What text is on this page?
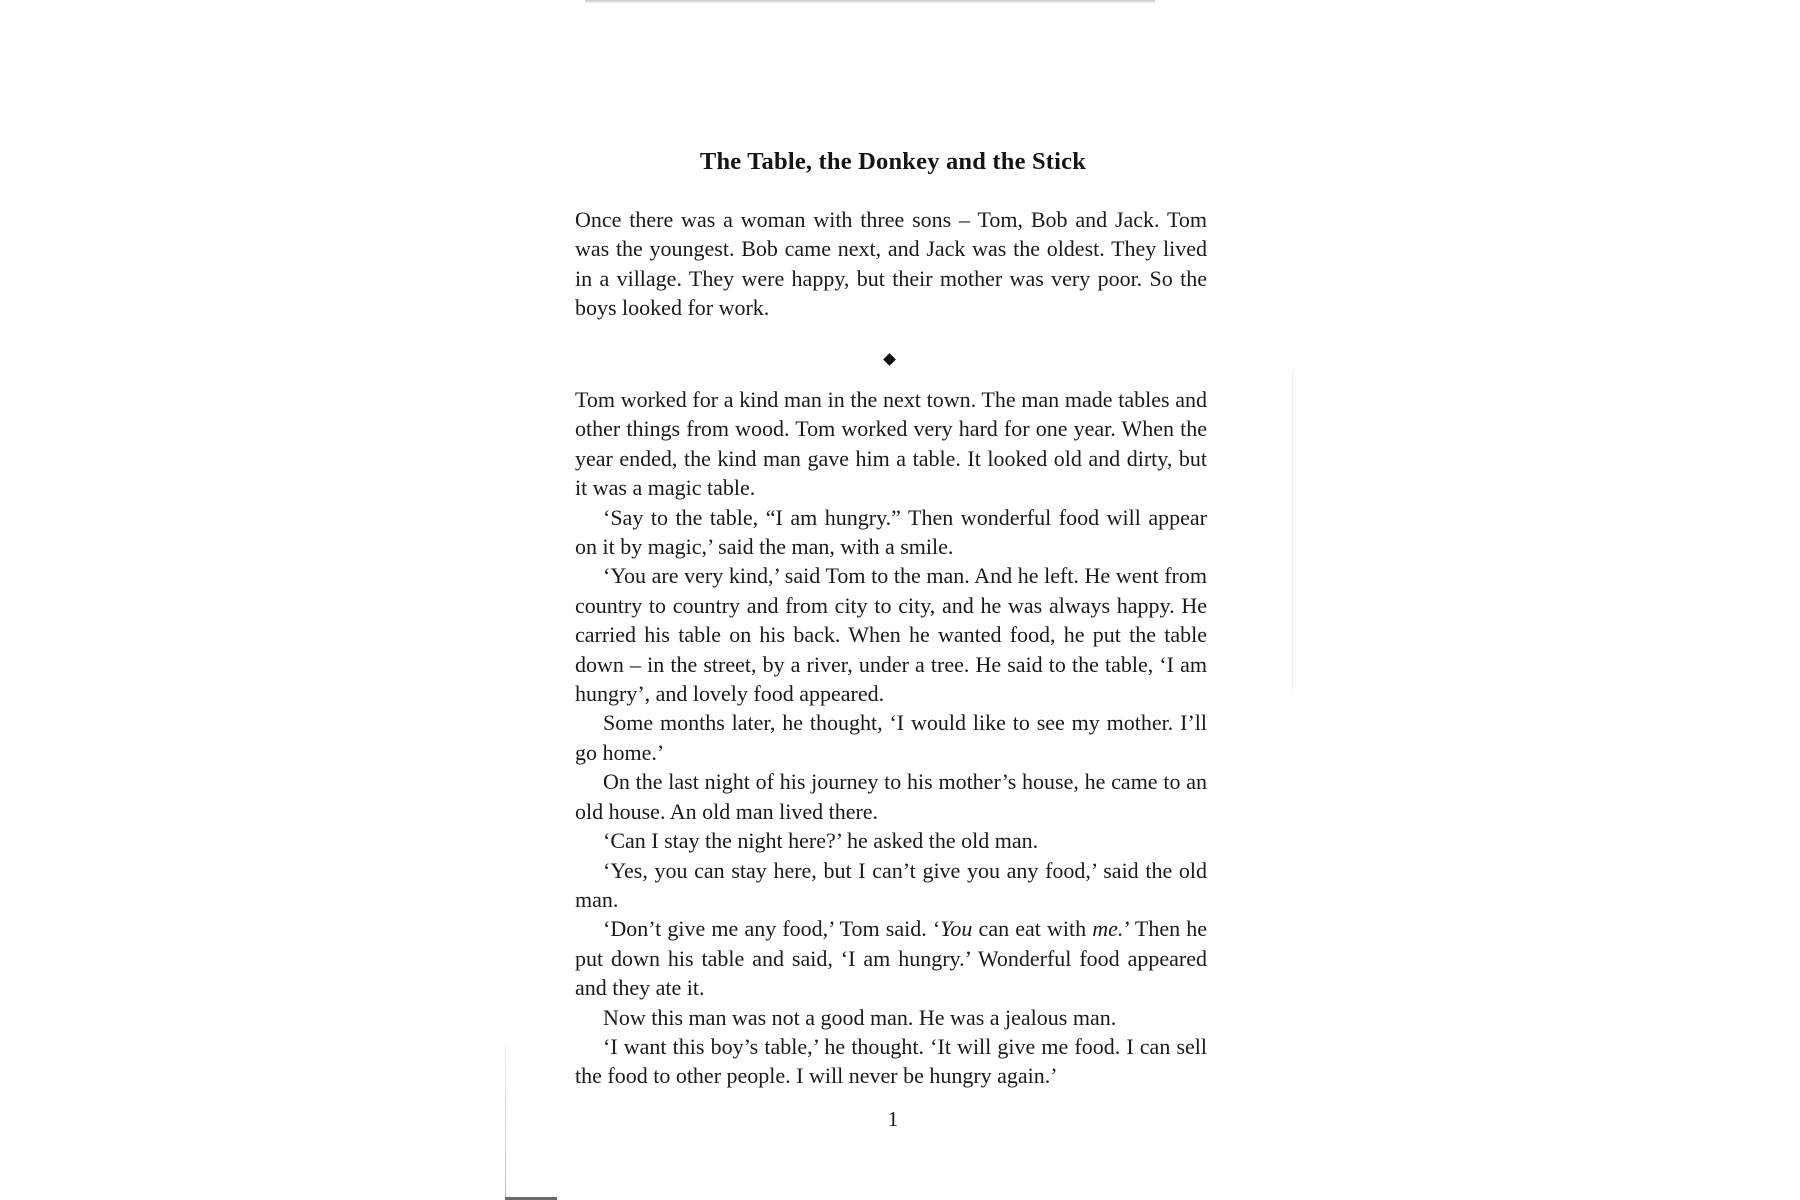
The Table, the Donkey and the Stick

Once there was a woman with three sons – Tom, Bob and Jack. Tom was the youngest. Bob came next, and Jack was the oldest. They lived in a village. They were happy, but their mother was very poor. So the boys looked for work.

Tom worked for a kind man in the next town. The man made tables and other things from wood. Tom worked very hard for one year. When the year ended, the kind man gave him a table. It looked old and dirty, but it was a magic table.

‘Say to the table, “I am hungry.” Then wonderful food will appear on it by magic,’ said the man, with a smile.

‘You are very kind,’ said Tom to the man. And he left. He went from country to country and from city to city, and he was always happy. He carried his table on his back. When he wanted food, he put the table down – in the street, by a river, under a tree. He said to the table, ‘I am hungry’, and lovely food appeared.

Some months later, he thought, ‘I would like to see my mother. I’ll go home.’

On the last night of his journey to his mother’s house, he came to an old house. An old man lived there.

‘Can I stay the night here?’ he asked the old man.

‘Yes, you can stay here, but I can’t give you any food,’ said the old man.

‘Don’t give me any food,’ Tom said. ‘You can eat with me.’ Then he put down his table and said, ‘I am hungry.’ Wonderful food appeared and they ate it.

Now this man was not a good man. He was a jealous man.

‘I want this boy’s table,’ he thought. ‘It will give me food. I can sell the food to other people. I will never be hungry again.’

1
